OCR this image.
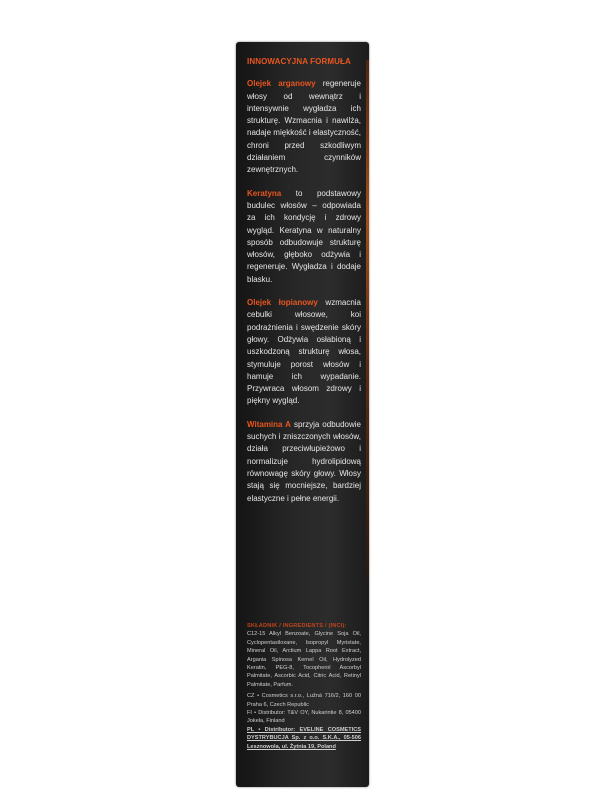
INNOWACYJNA FORMUŁA

Olejek arganowy regeneruje włosy od wewnątrz i intensywnie wygładza ich strukturę. Wzmacnia i nawilża, nadaje miękkość i elastyczność, chroni przed szkodliwym działaniem czynników zewnętrznych.

Keratyna to podstawowy budulec włosów – odpowiada za ich kondycję i zdrowy wygląd. Keratyna w naturalny sposób odbudowuje strukturę włosów, głęboko odżywia i regeneruje. Wygładza i dodaje blasku.

Olejek łopianowy wzmacnia cebulki włosowe, koi podrażnienia i swędzenie skóry głowy. Odżywia osłabioną i uszkodzoną strukturę włosa, stymuluje porost włosów i hamuje ich wypadanie. Przywraca włosom zdrowy i piękny wygląd.

Witamina A sprzyja odbudowie suchych i zniszczonych włosów, działa przeciwłupieżowo i normalizuje hydrolipidową równowagę skóry głowy. Włosy stają się mocniejsze, bardziej elastyczne i pełne energii.

SKŁADNIK / INGREDIENTS / (INCI):
C12-15 Alkyl Benzoate, Glycine Soja Oil, Cyclopentasiloxane, Isopropyl Myristate, Mineral Oil, Arctium Lappa Root Extract, Argania Spinosa Kernel Oil, Hydrolyzed Keratin, PEG-8, Tocopherol Ascorbyl Palmitate, Ascorbic Acid, Citric Acid, Retinyl Palmitate, Parfum.
CZ • Cosmetics s.r.o., Lužná 716/2, 160 00 Praha 6, Czech Republic
FI • Distributor: T&V OY, Nukarintie 8, 05400 Jokela, Finland
PL • Distributor: EVELINE COSMETICS DYSTRYBUCJA Sp. z o.o. S.K.A., 05-506 Lesznowola, ul. Żytnia 19, Poland
